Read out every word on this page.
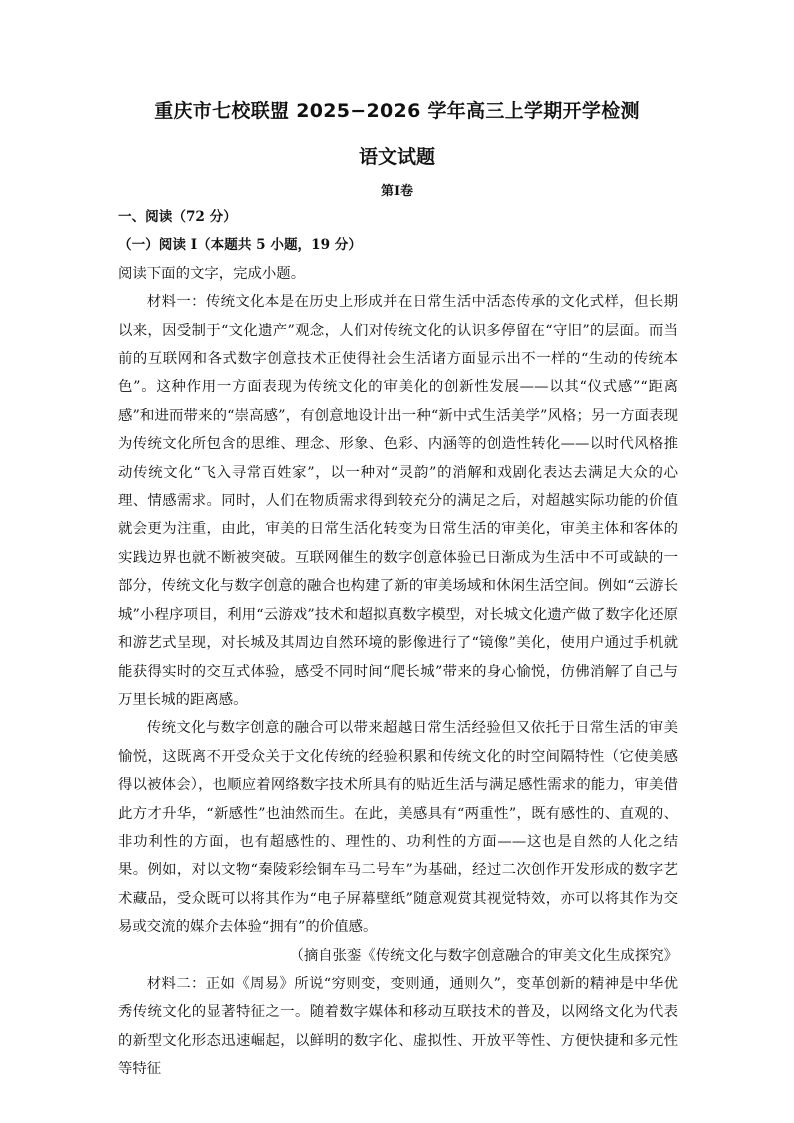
重庆市七校联盟 2025−2026 学年高三上学期开学检测
语文试题
第I卷

一、阅读（72 分）

（一）阅读 I（本题共 5 小题，19 分）

阅读下面的文字，完成小题。

材料一：传统文化本是在历史上形成并在日常生活中活态传承的文化式样，但长期以来，因受制于“文化遗产”观念，人们对传统文化的认识多停留在“守旧”的层面。而当前的互联网和各式数字创意技术正使得社会生活诸方面显示出不一样的“生动的传统本色”。这种作用一方面表现为传统文化的审美化的创新性发展——以其“仪式感”“距离感”和进而带来的“崇高感”，有创意地设计出一种“新中式生活美学”风格；另一方面表现为传统文化所包含的思维、理念、形象、色彩、内涵等的创造性转化——以时代风格推动传统文化“飞入寻常百姓家”，以一种对“灵韵”的消解和戏剧化表达去满足大众的心理、情感需求。同时，人们在物质需求得到较充分的满足之后，对超越实际功能的价值就会更为注重，由此，审美的日常生活化转变为日常生活的审美化，审美主体和客体的实践边界也就不断被突破。互联网催生的数字创意体验已日渐成为生活中不可或缺的一部分，传统文化与数字创意的融合也构建了新的审美场域和休闲生活空间。例如“云游长城”小程序项目，利用“云游戏”技术和超拟真数字模型，对长城文化遗产做了数字化还原和游艺式呈现，对长城及其周边自然环境的影像进行了“镜像”美化，使用户通过手机就能获得实时的交互式体验，感受不同时间“爬长城”带来的身心愉悦，仿佛消解了自己与万里长城的距离感。

传统文化与数字创意的融合可以带来超越日常生活经验但又依托于日常生活的审美愉悦，这既离不开受众关于文化传统的经验积累和传统文化的时空间隔特性（它使美感得以被体会），也顺应着网络数字技术所具有的贴近生活与满足感性需求的能力，审美借此方才升华，“新感性”也油然而生。在此，美感具有“两重性”，既有感性的、直观的、非功利性的方面，也有超感性的、理性的、功利性的方面——这也是自然的人化之结果。例如，对以文物“秦陵彩绘铜车马二号车”为基础，经过二次创作开发形成的数字艺术藏品，受众既可以将其作为“电子屏幕壁纸”随意观赏其视觉特效，亦可以将其作为交易或交流的媒介去体验“拥有”的价值感。

（摘自张銮《传统文化与数字创意融合的审美文化生成探究》

材料二：正如《周易》所说“穷则变，变则通，通则久”，变革创新的精神是中华优秀传统文化的显著特征之一。随着数字媒体和移动互联技术的普及，以网络文化为代表的新型文化形态迅速崛起，以鲜明的数字化、虚拟性、开放平等性、方便快捷和多元性等特征
